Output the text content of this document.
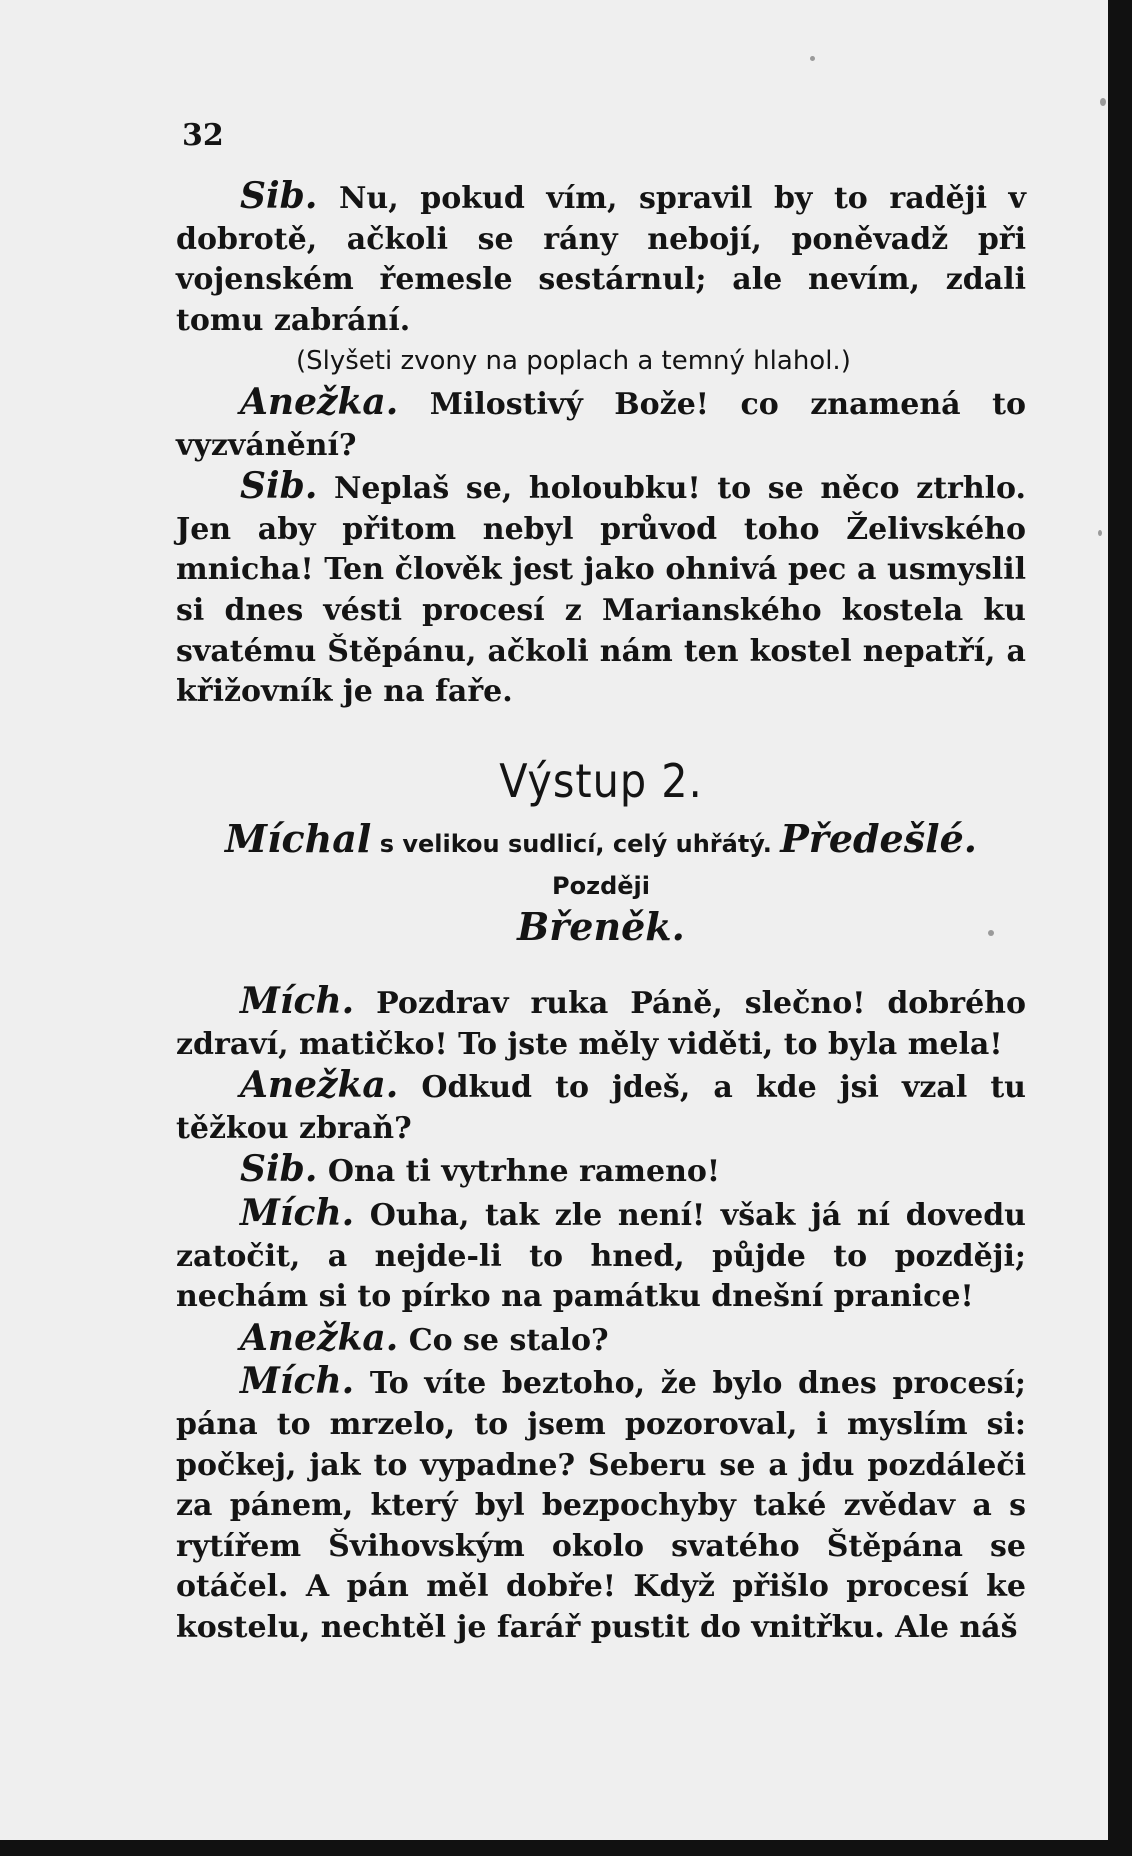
32

Sib. Nu, pokud vím, spravil by to raději v dobrotě, ačkoli se rány nebojí, poněvadž při vojenském řemesle sestárnul; ale nevím, zdali tomu zabrání.

(Slyšeti zvony na poplach a temný hlahol.)

Anežka. Milostivý Bože! co znamená to vyzvánění?

Sib. Neplaš se, holoubku! to se něco ztrhlo. Jen aby přitom nebyl průvod toho Želivského mnicha! Ten člověk jest jako ohnivá pec a usmyslil si dnes vésti procesí z Marianského kostela ku svatému Štěpánu, ačkoli nám ten kostel nepatří, a křižovník je na faře.

Výstup 2.
Míchal s velikou sudlicí, celý uhřátý. Předešlé. Později
Břeněk.

Mích. Pozdrav ruka Páně, slečno! dobrého zdraví, matičko! To jste měly viděti, to byla mela!

Anežka. Odkud to jdeš, a kde jsi vzal tu těžkou zbraň?

Sib. Ona ti vytrhne rameno!

Mích. Ouha, tak zle není! však já ní dovedu zatočit, a nejde-li to hned, půjde to později; nechám si to pírko na památku dnešní pranice!

Anežka. Co se stalo?

Mích. To víte beztoho, že bylo dnes procesí; pána to mrzelo, to jsem pozoroval, i myslím si: počkej, jak to vypadne? Seberu se a jdu pozdáleči za pánem, který byl bezpochyby také zvědav a s rytířem Švihovským okolo svatého Štěpána se otáčel. A pán měl dobře! Když přišlo procesí ke kostelu, nechtěl je farář pustit do vnitřku. Ale náš
